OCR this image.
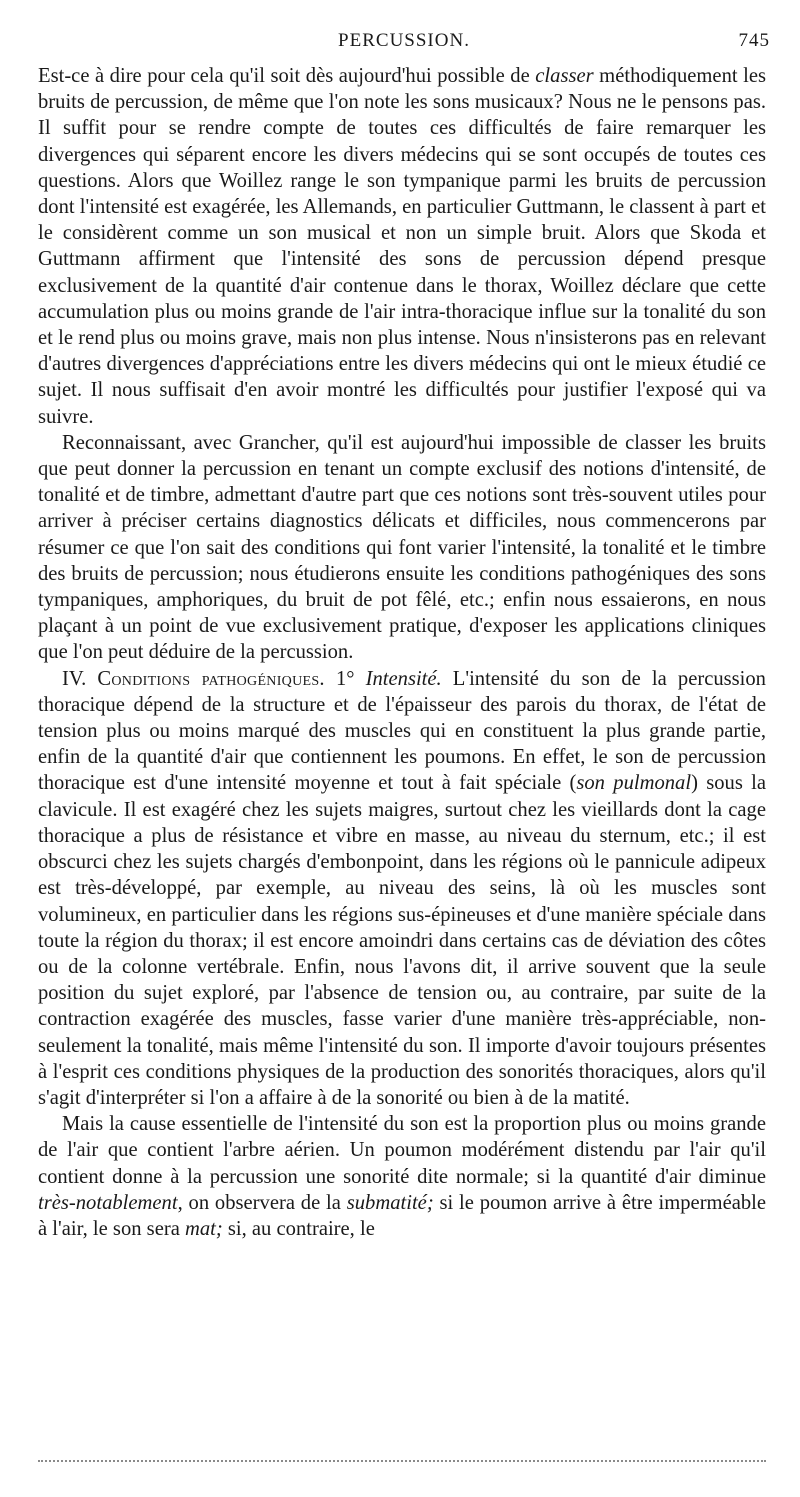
PERCUSSION.	745

Est-ce à dire pour cela qu'il soit dès aujourd'hui possible de classer méthodiquement les bruits de percussion, de même que l'on note les sons musicaux? Nous ne le pensons pas. Il suffit pour se rendre compte de toutes ces difficultés de faire remarquer les divergences qui séparent encore les divers médecins qui se sont occupés de toutes ces questions. Alors que Woillez range le son tympanique parmi les bruits de percussion dont l'intensité est exagérée, les Allemands, en particulier Guttmann, le classent à part et le considèrent comme un son musical et non un simple bruit. Alors que Skoda et Guttmann affirment que l'intensité des sons de percussion dépend presque exclusivement de la quantité d'air contenue dans le thorax, Woillez déclare que cette accumulation plus ou moins grande de l'air intra-thoracique influe sur la tonalité du son et le rend plus ou moins grave, mais non plus intense. Nous n'insisterons pas en relevant d'autres divergences d'appréciations entre les divers médecins qui ont le mieux étudié ce sujet. Il nous suffisait d'en avoir montré les difficultés pour justifier l'exposé qui va suivre.

Reconnaissant, avec Grancher, qu'il est aujourd'hui impossible de classer les bruits que peut donner la percussion en tenant un compte exclusif des notions d'intensité, de tonalité et de timbre, admettant d'autre part que ces notions sont très-souvent utiles pour arriver à préciser certains diagnostics délicats et difficiles, nous commencerons par résumer ce que l'on sait des conditions qui font varier l'intensité, la tonalité et le timbre des bruits de percussion; nous étudierons ensuite les conditions pathogéniques des sons tympaniques, amphoriques, du bruit de pot fêlé, etc.; enfin nous essaierons, en nous plaçant à un point de vue exclusivement pratique, d'exposer les applications cliniques que l'on peut déduire de la percussion.

IV. Conditions pathogéniques. 1° Intensité. L'intensité du son de la percussion thoracique dépend de la structure et de l'épaisseur des parois du thorax, de l'état de tension plus ou moins marqué des muscles qui en constituent la plus grande partie, enfin de la quantité d'air que contiennent les poumons. En effet, le son de percussion thoracique est d'une intensité moyenne et tout à fait spéciale (son pulmonal) sous la clavicule. Il est exagéré chez les sujets maigres, surtout chez les vieillards dont la cage thoracique a plus de résistance et vibre en masse, au niveau du sternum, etc.; il est obscurci chez les sujets chargés d'embonpoint, dans les régions où le pannicule adipeux est très-développé, par exemple, au niveau des seins, là où les muscles sont volumineux, en particulier dans les régions sus-épineuses et d'une manière spéciale dans toute la région du thorax; il est encore amoindri dans certains cas de déviation des côtes ou de la colonne vertébrale. Enfin, nous l'avons dit, il arrive souvent que la seule position du sujet exploré, par l'absence de tension ou, au contraire, par suite de la contraction exagérée des muscles, fasse varier d'une manière très-appréciable, non-seulement la tonalité, mais même l'intensité du son. Il importe d'avoir toujours présentes à l'esprit ces conditions physiques de la production des sonorités thoraciques, alors qu'il s'agit d'interpréter si l'on a affaire à de la sonorité ou bien à de la matité.

Mais la cause essentielle de l'intensité du son est la proportion plus ou moins grande de l'air que contient l'arbre aérien. Un poumon modérément distendu par l'air qu'il contient donne à la percussion une sonorité dite normale; si la quantité d'air diminue très-notablement, on observera de la submatité; si le poumon arrive à être imperméable à l'air, le son sera mat; si, au contraire, le
